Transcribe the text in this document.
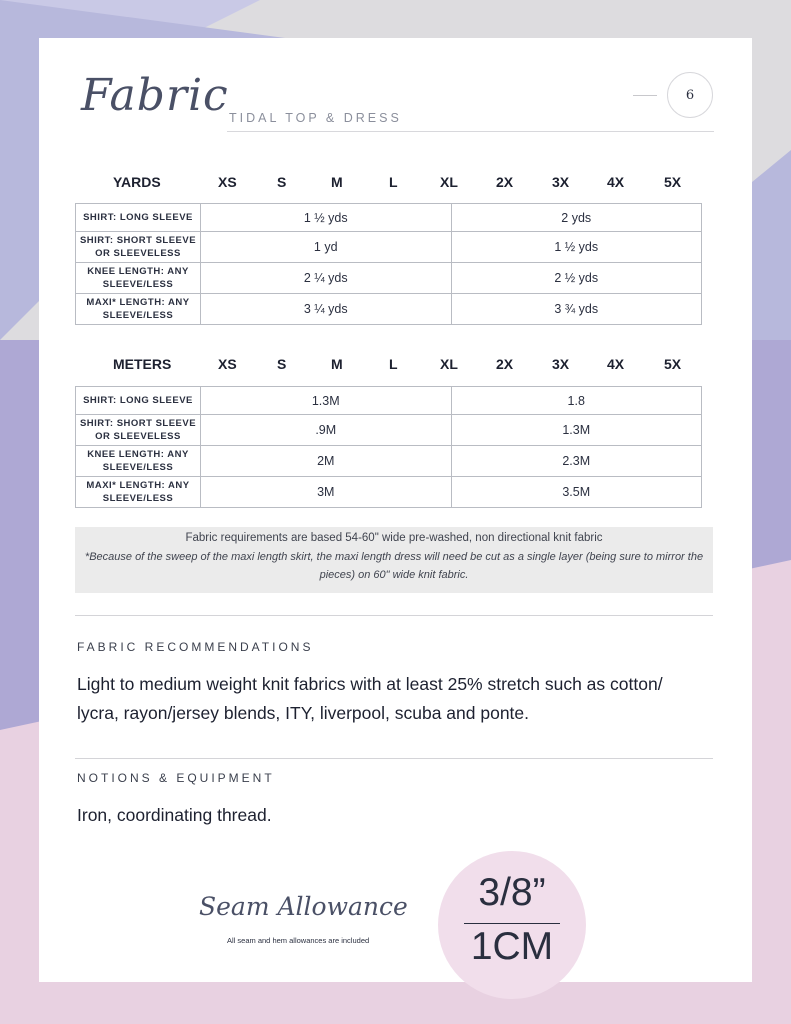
Fabric TIDAL TOP & DRESS
6
YARDS	XS	S	M	L	XL	2X	3X	4X	5X
SHIRT: LONG SLEEVE	1 ½ yds	2 yds
SHIRT: SHORT SLEEVE OR SLEEVELESS	1 yd	1 ½ yds
KNEE LENGTH: ANY SLEEVE/LESS	2 ¼ yds	2 ½ yds
MAXI* LENGTH: ANY SLEEVE/LESS	3 ¼ yds	3 ¾ yds
METERS	XS	S	M	L	XL	2X	3X	4X	5X
SHIRT: LONG SLEEVE	1.3M	1.8
SHIRT: SHORT SLEEVE OR SLEEVELESS	.9M	1.3M
KNEE LENGTH: ANY SLEEVE/LESS	2M	2.3M
MAXI* LENGTH: ANY SLEEVE/LESS	3M	3.5M
Fabric requirements are based 54-60" wide pre-washed, non directional knit fabric
*Because of the sweep of the maxi length skirt, the maxi length dress will need be cut as a single layer (being sure to mirror the pieces) on 60" wide knit fabric.
FABRIC RECOMMENDATIONS
Light to medium weight knit fabrics with at least 25% stretch such as cotton/ lycra, rayon/jersey blends, ITY, liverpool, scuba and ponte.
NOTIONS & EQUIPMENT
Iron, coordinating thread.
Seam Allowance
All seam and hem allowances are included
3/8”
1CM
